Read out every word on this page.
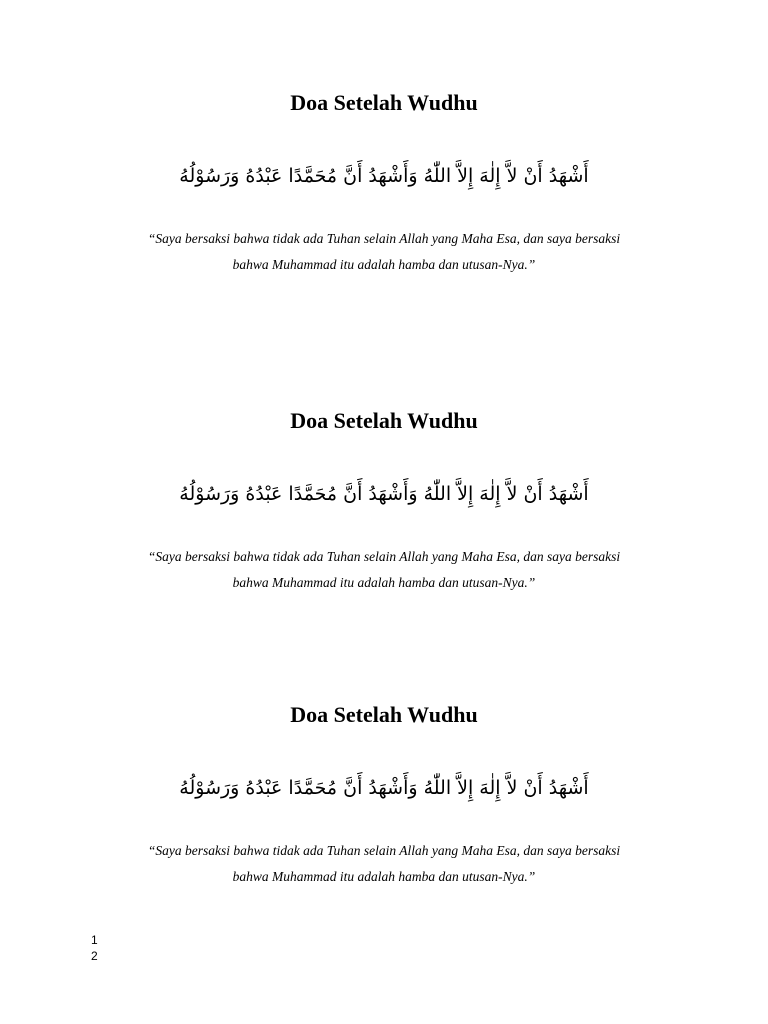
Doa Setelah Wudhu

أَشْهَدُ أَنْ لاَّ إِلٰهَ إِلاَّ اللّٰهُ وَأَشْهَدُ أَنَّ مُحَمَّدًا عَبْدُهُ وَرَسُوْلُهُ

“Saya bersaksi bahwa tidak ada Tuhan selain Allah yang Maha Esa, dan saya bersaksi
bahwa Muhammad itu adalah hamba dan utusan-Nya.”

Doa Setelah Wudhu

أَشْهَدُ أَنْ لاَّ إِلٰهَ إِلاَّ اللّٰهُ وَأَشْهَدُ أَنَّ مُحَمَّدًا عَبْدُهُ وَرَسُوْلُهُ

“Saya bersaksi bahwa tidak ada Tuhan selain Allah yang Maha Esa, dan saya bersaksi
bahwa Muhammad itu adalah hamba dan utusan-Nya.”

Doa Setelah Wudhu

أَشْهَدُ أَنْ لاَّ إِلٰهَ إِلاَّ اللّٰهُ وَأَشْهَدُ أَنَّ مُحَمَّدًا عَبْدُهُ وَرَسُوْلُهُ

“Saya bersaksi bahwa tidak ada Tuhan selain Allah yang Maha Esa, dan saya bersaksi
bahwa Muhammad itu adalah hamba dan utusan-Nya.”

1
2
